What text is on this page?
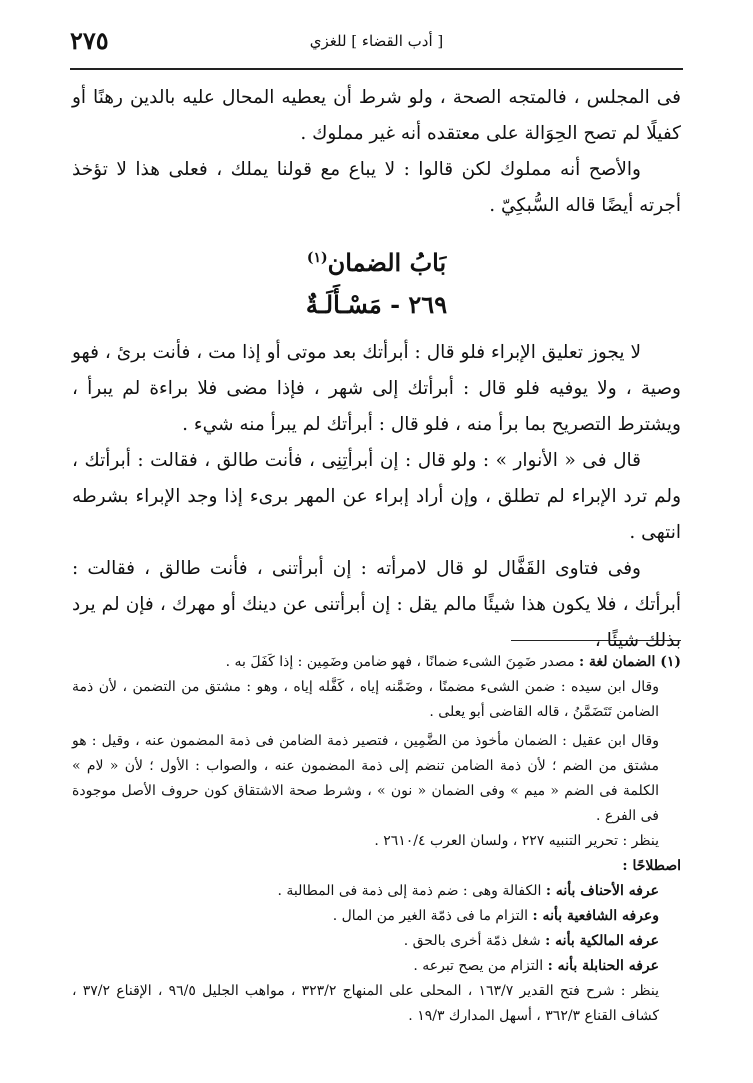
٢٧٥	[ أدب القضاء ] للغزي

فى المجلس ، فالمتجه الصحة ، ولو شرط أن يعطيه المحال عليه بالدين رهنًا أو كفيلًا لم تصح الحِوَالة على معتقده أنه غير مملوك .

والأصح أنه مملوك لكن قالوا : لا يباع مع قولنا يملك ، فعلى هذا لا تؤخذ أجرته أيضًا قاله السُّبكِيّ .

بَابُ الضمان$^{(١)}$
٢٦٩ - مَسْـأَلَـةٌ

لا يجوز تعليق الإبراء فلو قال : أبرأتك بعد موتى أو إذا مت ، فأنت برئ ، فهو وصية ، ولا يوفيه فلو قال : أبرأتك إلى شهر ، فإذا مضى فلا براءة لم يبرأ ، ويشترط التصريح بما برأ منه ، فلو قال : أبرأتك لم يبرأ منه شيء .

قال فى « الأنوار » : ولو قال : إن أبرأتِنِى ، فأنت طالق ، فقالت : أبرأتك ، ولم ترد الإبراء لم تطلق ، وإن أراد إبراء عن المهر برىء إذا وجد الإبراء بشرطه انتهى .

وفى فتاوى القَفَّال لو قال لامرأته : إن أبرأتنى ، فأنت طالق ، فقالت : أبرأتك ، فلا يكون هذا شيئًا مالم يقل : إن أبرأتنى عن دينك أو مهرك ، فإن لم يرد بذلك شيئًا ،

(١) الضمان لغة : مصدر ضَمِنَ الشىء ضمانًا ، فهو ضامن وضَمِين : إذا كَفَلَ به .

وقال ابن سيده : ضمن الشىء مضمنًا ، وضَمَّنه إياه ، كَفَّله إياه ، وهو : مشتق من التضمن ، لأن ذمة الضامن تَتَضَمَّنُ ، قاله القاضى أبو يعلى .

وقال ابن عقيل : الضمان مأخوذ من الضَّمِين ، فتصير ذمة الضامن فى ذمة المضمون عنه ، وقيل : هو مشتق من الضم ؛ لأن ذمة الضامن تنضم إلى ذمة المضمون عنه ، والصواب : الأول ؛ لأن « لام » الكلمة فى الضم « ميم » وفى الضمان « نون » ، وشرط صحة الاشتقاق كون حروف الأصل موجودة فى الفرع .

ينظر : تحرير التنبيه ٢٢٧ ، ولسان العرب ٢٦١٠/٤ .

اصطلاحًا :

عرفه الأحناف بأنه : الكفالة وهى : ضم ذمة إلى ذمة فى المطالبة .

وعرفه الشافعية بأنه : التزام ما فى ذمّة الغير من المال .

عرفه المالكية بأنه : شغل ذمّة أخرى بالحق .

عرفه الحنابلة بأنه : التزام من يصح تبرعه .

ينظر : شرح فتح القدير ١٦٣/٧ ، المحلى على المنهاج ٣٢٣/٢ ، مواهب الجليل ٩٦/٥ ، الإقناع ٣٧/٢ ، كشاف القناع ٣٦٢/٣ ، أسهل المدارك ١٩/٣ .
